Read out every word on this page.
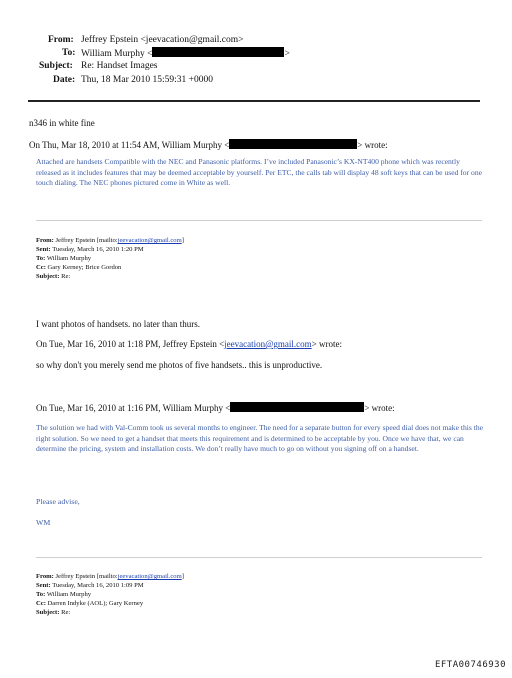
From: Jeffrey Epstein <jeevacation@gmail.com>
To: William Murphy <	>
Subject: Re: Handset Images
Date: Thu, 18 Mar 2010 15:59:31 +0000
n346 in white fine
On Thu, Mar 18, 2010 at 11:54 AM, William Murphy <	> wrote:
Attached are handsets Compatible with the NEC and Panasonic platforms. I’ve included Panasonic’s KX-NT400 phone which was recently released as it includes features that may be deemed acceptable by yourself. Per ETC, the calls tab will display 48 soft keys that can be used for one touch dialing. The NEC phones pictured come in White as well.
From: Jeffrey Epstein [mailto:jeevacation@gmail.com]
Sent: Tuesday, March 16, 2010 1:20 PM
To: William Murphy
Cc: Gary Kerney; Brice Gordon
Subject: Re:
I want photos of handsets. no later than thurs.
On Tue, Mar 16, 2010 at 1:18 PM, Jeffrey Epstein <jeevacation@gmail.com> wrote:
so why don't you merely send me photos of five handsets.. this is unproductive.
On Tue, Mar 16, 2010 at 1:16 PM, William Murphy <	> wrote:
The solution we had with Val-Comm took us several months to engineer. The need for a separate button for every speed dial does not make this the right solution. So we need to get a handset that meets this requirement and is determined to be acceptable by you. Once we have that, we can determine the pricing, system and installation costs. We don’t really have much to go on without you signing off on a handset.
Please advise,
WM
From: Jeffrey Epstein [mailto:jeevacation@gmail.com]
Sent: Tuesday, March 16, 2010 1:09 PM
To: William Murphy
Cc: Darren Indyke (AOL); Gary Kerney
Subject: Re:
EFTA00746930
